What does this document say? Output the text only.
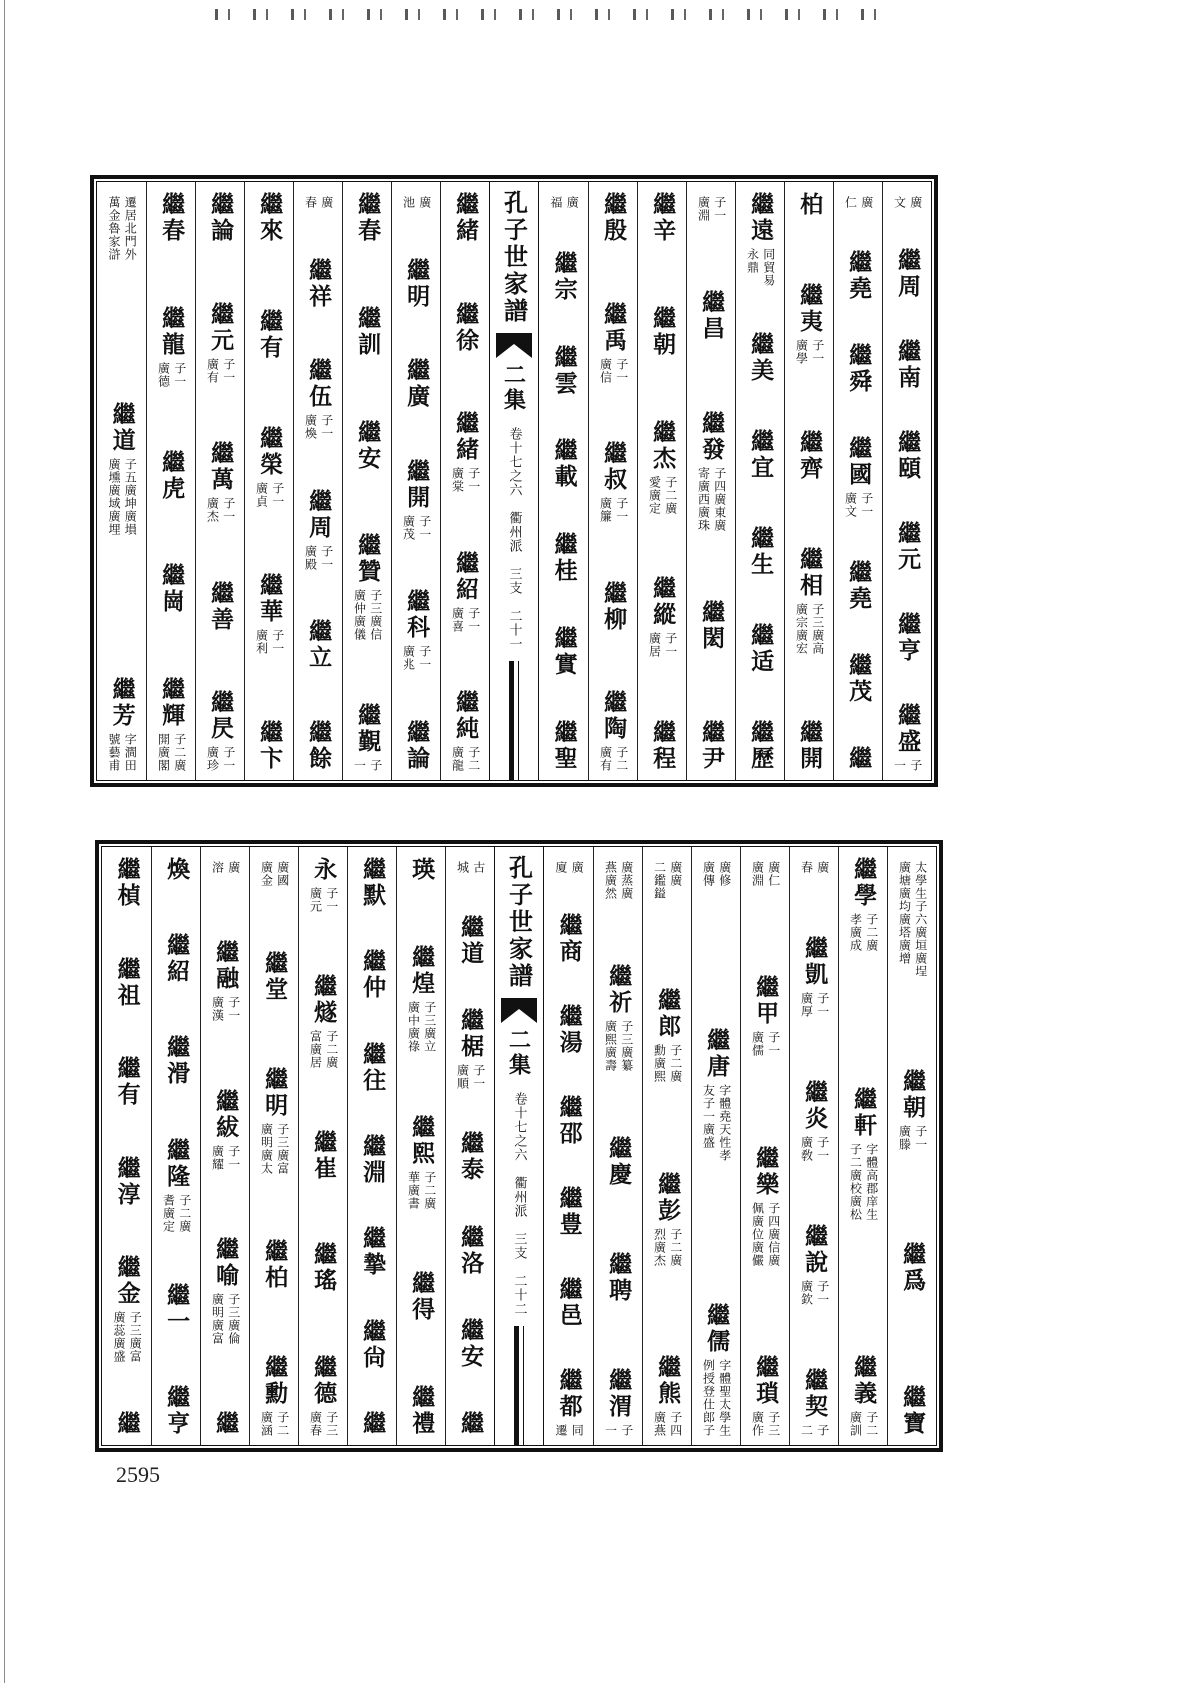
繼緒
繼徐
繼緒
子一
廣棠
繼紹
子一
廣喜
繼純
子二
廣龍
廣
池
繼明
繼廣
繼開
子一
廣茂
繼科
子一
廣兆
繼論
繼春
繼訓
繼安
繼贊
子三廣信
廣仲廣儀
繼覲
子
一
廣
春
繼祥
繼伍
子一
廣煥
繼周
子一
廣殿
繼立
繼餘
繼來
繼有
繼榮
子一
廣貞
繼華
子一
廣利
繼卞
繼論
繼元
子一
廣有
繼萬
子一
廣杰
繼善
繼昃
子一
廣珍
繼春
繼龍
子一
廣德
繼虎
繼崗
繼輝
子二廣
開廣閣
遷居北門外
萬金魯家滸
繼道
子五廣坤廣塤
廣壎廣域廣埋
繼芳
字澗田
號藝甫
孔子世家譜
二集
卷十七之六
衢州派
三支
二十一
廣
文
繼周
繼南
繼頤
繼元
繼亨
繼盛
子
一
廣
仁
繼堯
繼舜
繼國
子一
廣文
繼堯
繼茂
繼
柏
繼夷
子一
廣學
繼齊
繼相
子三廣高
廣宗廣宏
繼開
繼遠
同貿易
永鼎
繼美
繼宜
繼生
繼适
繼歷
子一
廣淵
繼昌
繼發
子四廣東廣
寄廣西廣珠
繼閎
繼尹
繼辛
繼朝
繼杰
子二廣
愛廣定
繼縱
子一
廣居
繼程
繼殷
繼禹
子一
廣信
繼叔
子一
廣簾
繼柳
繼陶
子二
廣有
廣
福
繼宗
繼雲
繼載
繼桂
繼實
繼聖
古
城
繼道
繼椐
子一
廣順
繼泰
繼洛
繼安
繼
瑛
繼煌
子三廣立
廣中廣祿
繼熙
子二廣
華廣書
繼得
繼禮
繼默
繼仲
繼往
繼淵
繼摯
繼尙
繼
永
子一
廣元
繼燧
子二廣
富廣居
繼崔
繼瑤
繼德
子三
廣春
廣國
廣金
繼堂
繼明
子三廣富
廣明廣太
繼柏
繼勳
子二
廣涵
廣
溶
繼融
子一
廣漢
繼紱
子一
廣耀
繼喻
子三廣倫
廣明廣富
繼
煥
繼紹
繼滑
繼隆
子二廣
耆廣定
繼一
繼亨
繼楨
繼祖
繼有
繼淳
繼金
子三廣富
廣蕊廣盛
繼
孔子世家譜
二集
卷十七之六
衢州派
三支
二十二
太學生子六廣垣廣埕
廣塘廣均廣塔廣增
繼朝
子一
廣滕
繼爲
繼寶
繼學
子二廣
孝廣成
繼軒
字體高郡庠生
子二廣校廣松
繼義
子二
廣訓
廣
春
繼凱
子一
廣厚
繼炎
子一
廣敎
繼說
子一
廣欽
繼契
子
二
廣仁
廣淵
繼甲
子一
廣儒
繼樂
子四廣信廣
佩廣位廣儼
繼瑣
子三
廣作
廣修
廣傳
繼唐
字體堯天性孝
友子一廣盛
繼儒
字體聖太學生
例授登仕郎子
廣廣
二鑑鎰
繼郎
子二廣
勳廣熙
繼彭
子二廣
烈廣杰
繼熊
子四
廣燕
廣蒸廣
燕廣然
繼祈
子三廣纂
廣熙廣壽
繼慶
繼聘
繼渭
子
一
廣
廈
繼商
繼湯
繼邵
繼豊
繼邑
繼都
同
遷
2595
